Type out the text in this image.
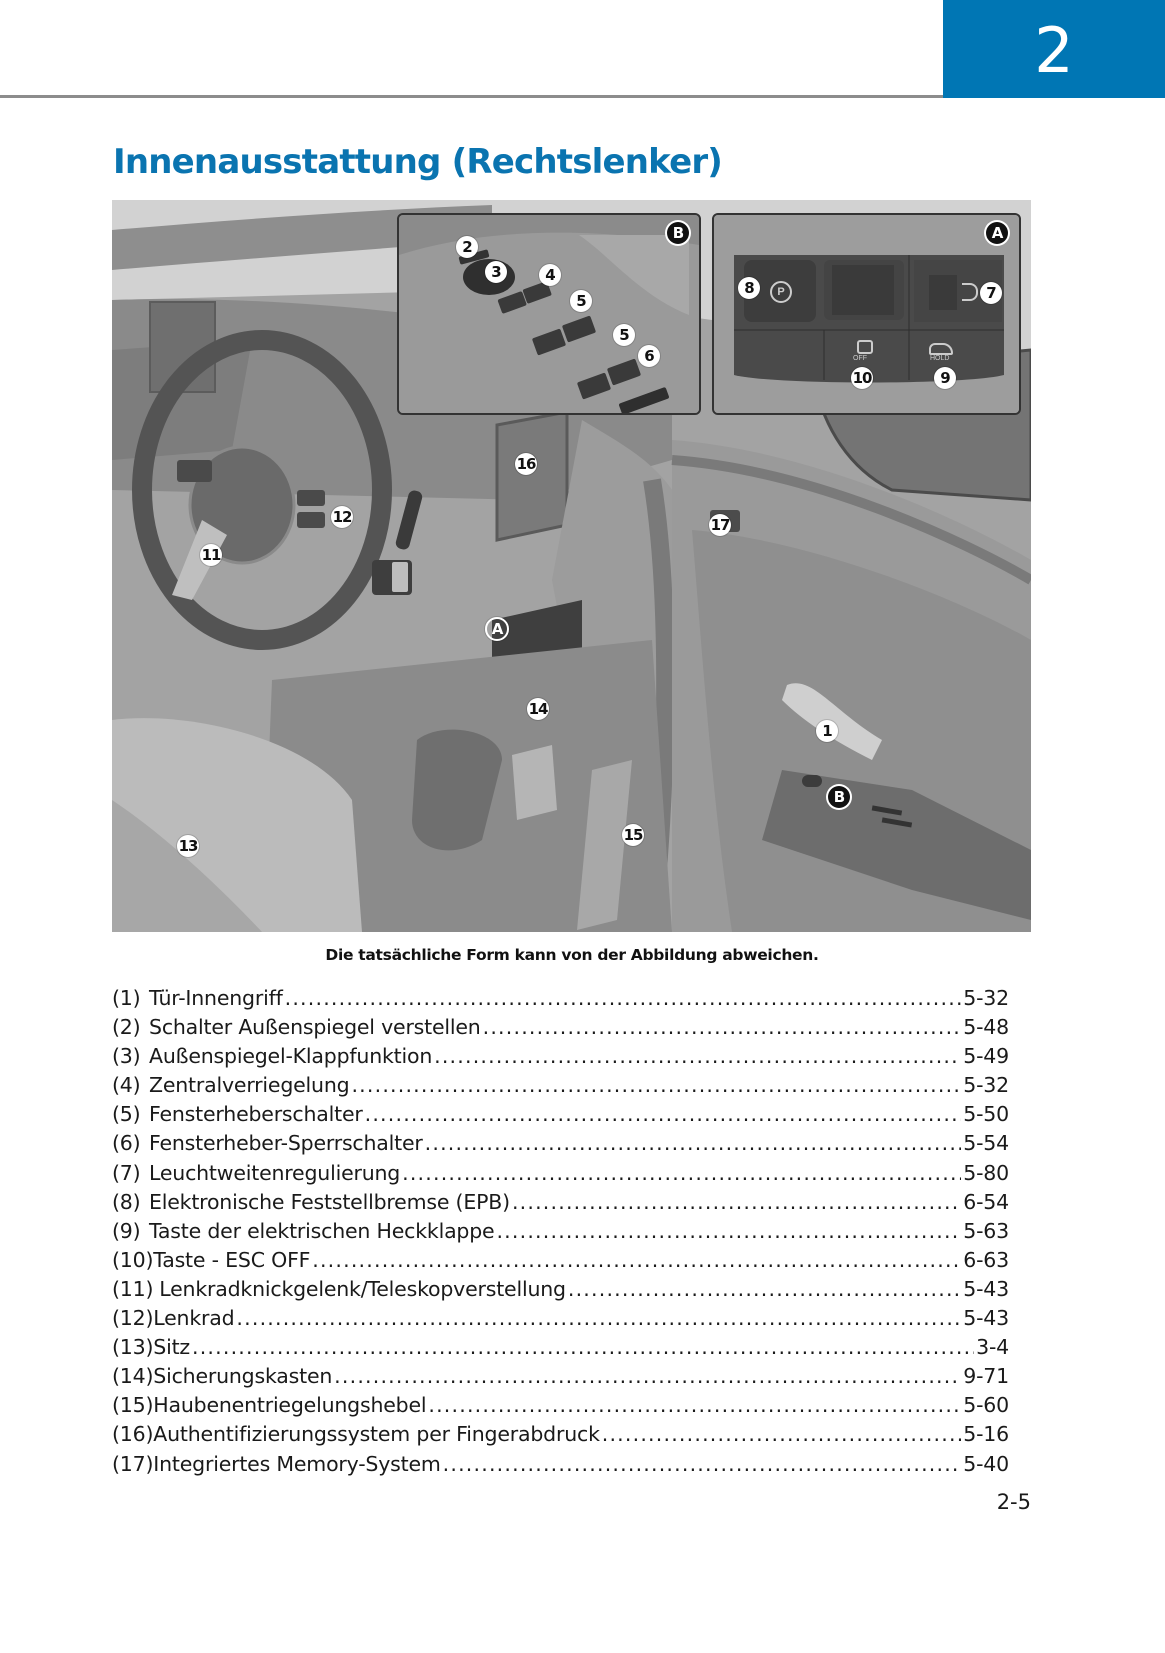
2
Innenausstattung (Rechtslenker)
B
2
3	4
5
5
6
A
8	P	7
OFF
10
HOLD
9
16
12
11
17
A
14
1
B
13
15
Die tatsächliche Form kann von der Abbildung abweichen.
(1) Tür-Innengriff .....	5-32
(2) Schalter Außenspiegel verstellen .....	5-48
(3) Außenspiegel-Klappfunktion .....	5-49
(4) Zentralverriegelung .....	5-32
(5) Fensterheberschalter .....	5-50
(6) Fensterheber-Sperrschalter .....	5-54
(7) Leuchtweitenregulierung .....	5-80
(8) Elektronische Feststellbremse (EPB) .....	6-54
(9) Taste der elektrischen Heckklappe .....	5-63
(10) Taste - ESC OFF .....	6-63
(11) Lenkradknickgelenk/Teleskopverstellung .....	5-43
(12) Lenkrad .....	5-43
(13) Sitz .....	3-4
(14) Sicherungskasten .....	9-71
(15) Haubenentriegelungshebel .....	5-60
(16) Authentifizierungssystem per Fingerabdruck .....	5-16
(17) Integriertes Memory-System .....	5-40
2-5
